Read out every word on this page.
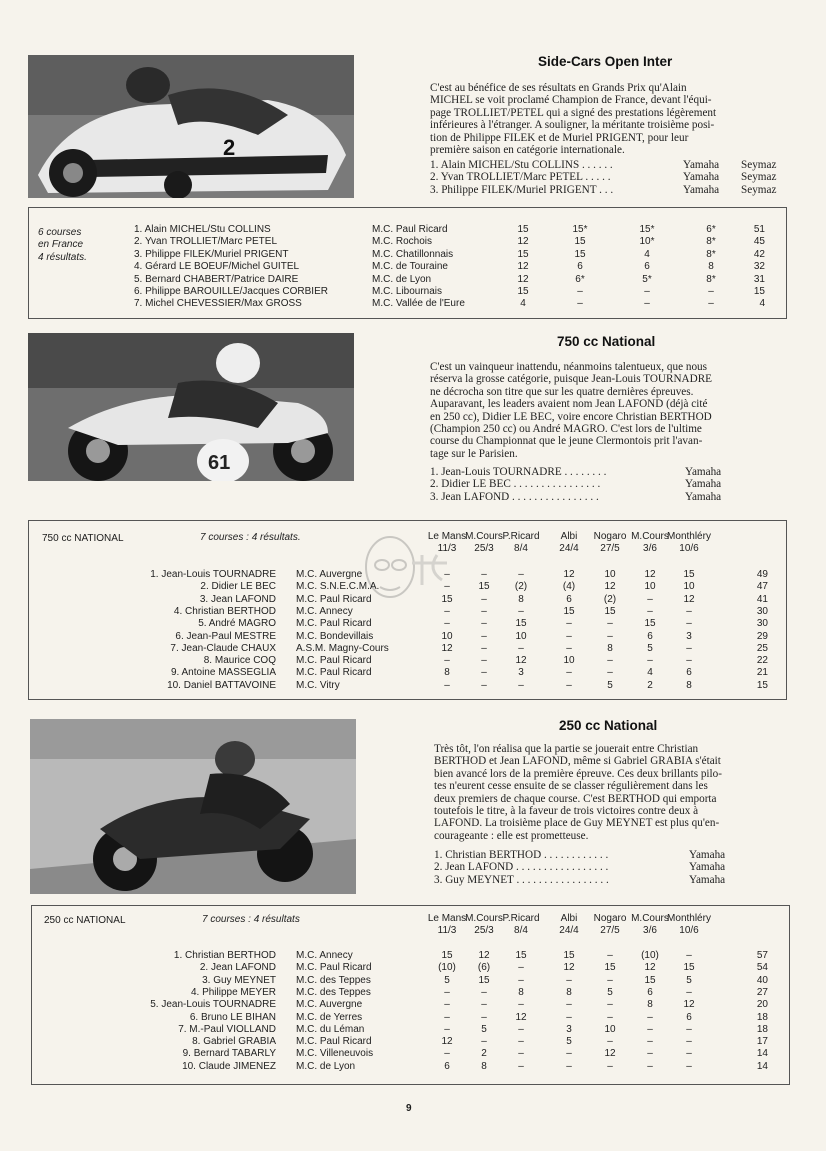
2
Side-Cars Open Inter
C'est au bénéfice de ses résultats en Grands Prix qu'Alain
MICHEL se voit proclamé Champion de France, devant l'équi-
page TROLLIET/PETEL qui a signé des prestations légèrement
inférieures à l'étranger. A souligner, la méritante troisième posi-
tion de Philippe FILEK et de Muriel PRIGENT, pour leur
première saison en catégorie internationale.
1. Alain MICHEL/Stu COLLINS . . . . . .	Yamaha Seymaz
2. Yvan TROLLIET/Marc PETEL . . . . .	Yamaha Seymaz
3. Philippe FILEK/Muriel PRIGENT . . .	Yamaha Seymaz
6 courses
en France
4 résultats.
1. Alain MICHEL/Stu COLLINS	M.C. Paul Ricard	15	15*	15*	6*	51
2. Yvan TROLLIET/Marc PETEL	M.C. Rochois	12	15	10*	8*	45
3. Philippe FILEK/Muriel PRIGENT	M.C. Chatillonnais	15	15	4	8*	42
4. Gérard LE BOEUF/Michel GUITEL	M.C. de Touraine	12	6	6	8	32
5. Bernard CHABERT/Patrice DAIRE	M.C. de Lyon	12	6*	5*	8*	31
6. Philippe BAROUILLE/Jacques CORBIER	M.C. Libournais	15	–	–	–	15
7. Michel CHEVESSIER/Max GROSS	M.C. Vallée de l'Eure	4	–	–	–	4
61
750 cc National
C'est un vainqueur inattendu, néanmoins talentueux, que nous
réserva la grosse catégorie, puisque Jean-Louis TOURNADRE
ne décrocha son titre que sur les quatre dernières épreuves.
Auparavant, les leaders avaient nom Jean LAFOND (déjà cité
en 250 cc), Didier LE BEC, voire encore Christian BERTHOD
(Champion 250 cc) ou André MAGRO. C'est lors de l'ultime
course du Championnat que le jeune Clermontois prit l'avan-
tage sur le Parisien.
1. Jean-Louis TOURNADRE . . . . . . . .	Yamaha
2. Didier LE BEC . . . . . . . . . . . . . . . .	Yamaha
3. Jean LAFOND . . . . . . . . . . . . . . . .	Yamaha
750 cc NATIONAL	7 courses : 4 résultats.	Le Mans
11/3
M.Cours
25/3
P.Ricard
8/4
Albi
24/4
Nogaro
27/5
M.Cours
3/6
Monthléry
10/6
1. Jean-Louis TOURNADRE M.C. Auvergne	–	–	–	12	10	12	15	49
2. Didier LE BEC M.C. S.N.E.C.M.A.	–	15	(2)	(4)	12	10	10	47
3. Jean LAFOND M.C. Paul Ricard	15	–	8	6	(2)	–	12	41
4. Christian BERTHOD M.C. Annecy	–	–	–	15	15	–	–	30
5. André MAGRO M.C. Paul Ricard	–	–	15	–	–	15	–	30
6. Jean-Paul MESTRE M.C. Bondevillais	10	–	10	–	–	6	3	29
7. Jean-Claude CHAUX A.S.M. Magny-Cours	12	–	–	–	8	5	–	25
8. Maurice COQ M.C. Paul Ricard	–	–	12	10	–	–	–	22
9. Antoine MASSEGLIA M.C. Paul Ricard	8	–	3	–	–	4	6	21
10. Daniel BATTAVOINE M.C. Vitry	–	–	–	–	5	2	8	15
250 cc National
Très tôt, l'on réalisa que la partie se jouerait entre Christian
BERTHOD et Jean LAFOND, même si Gabriel GRABIA s'était
bien avancé lors de la première épreuve. Ces deux brillants pilo-
tes n'eurent cesse ensuite de se classer régulièrement dans les
deux premiers de chaque course. C'est BERTHOD qui emporta
toutefois le titre, à la faveur de trois victoires contre deux à
LAFOND. La troisième place de Guy MEYNET est plus qu'en-
courageante : elle est prometteuse.
1. Christian BERTHOD . . . . . . . . . . . .	Yamaha
2. Jean LAFOND . . . . . . . . . . . . . . . . .	Yamaha
3. Guy MEYNET . . . . . . . . . . . . . . . . .	Yamaha
250 cc NATIONAL	7 courses : 4 résultats	Le Mans
11/3
M.Cours
25/3
P.Ricard
8/4
Albi
24/4
Nogaro
27/5
M.Cours
3/6
Monthléry
10/6
1. Christian BERTHOD M.C. Annecy	15	12	15	15	–	(10)	–	57
2. Jean LAFOND M.C. Paul Ricard	(10)	(6)	–	12	15	12	15	54
3. Guy MEYNET M.C. des Teppes	5	15	–	–	–	15	5	40
4. Philippe MEYER M.C. des Teppes	–	–	8	8	5	6	–	27
5. Jean-Louis TOURNADRE M.C. Auvergne	–	–	–	–	–	8	12	20
6. Bruno LE BIHAN M.C. de Yerres	–	–	12	–	–	–	6	18
7. M.-Paul VIOLLAND M.C. du Léman	–	5	–	3	10	–	–	18
8. Gabriel GRABIA M.C. Paul Ricard	12	–	–	5	–	–	–	17
9. Bernard TABARLY M.C. Villeneuvois	–	2	–	–	12	–	–	14
10. Claude JIMENEZ M.C. de Lyon	6	8	–	–	–	–	–	14
9
